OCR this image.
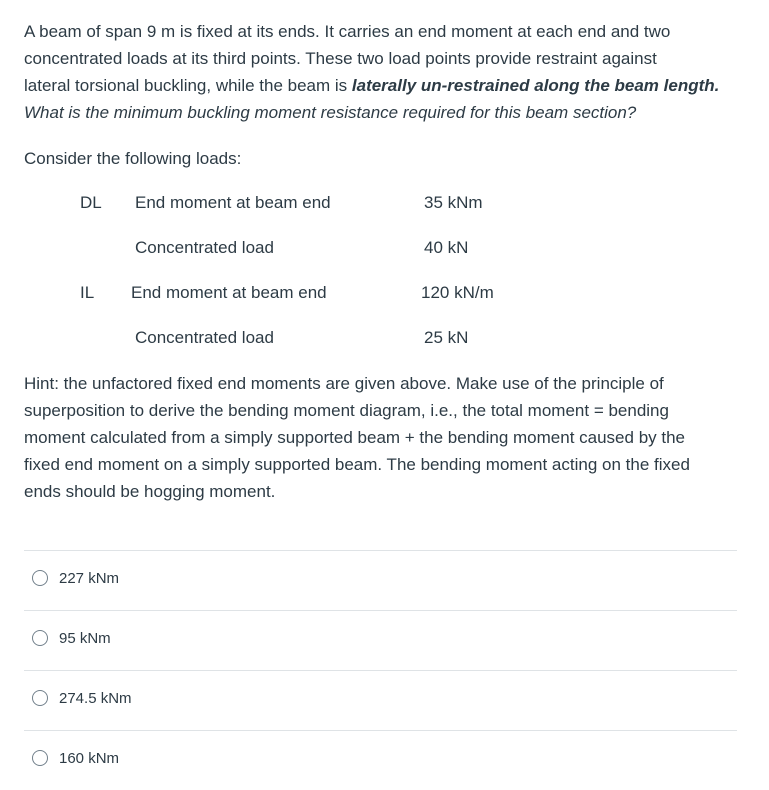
A beam of span 9 m is fixed at its ends. It carries an end moment at each end and two

concentrated loads at its third points. These two load points provide restraint against

lateral torsional buckling, while the beam is laterally un-restrained along the beam length.

What is the minimum buckling moment resistance required for this beam section?

Consider the following loads:
DL End moment at beam end	35 kNm
Concentrated load	40 kN
IL End moment at beam end	120 kN/m
Concentrated load	25 kN

Hint: the unfactored fixed end moments are given above. Make use of the principle of

superposition to derive the bending moment diagram, i.e., the total moment = bending

moment calculated from a simply supported beam + the bending moment caused by the

fixed end moment on a simply supported beam. The bending moment acting on the fixed

ends should be hogging moment.

227 kNm
95 kNm
274.5 kNm
160 kNm
